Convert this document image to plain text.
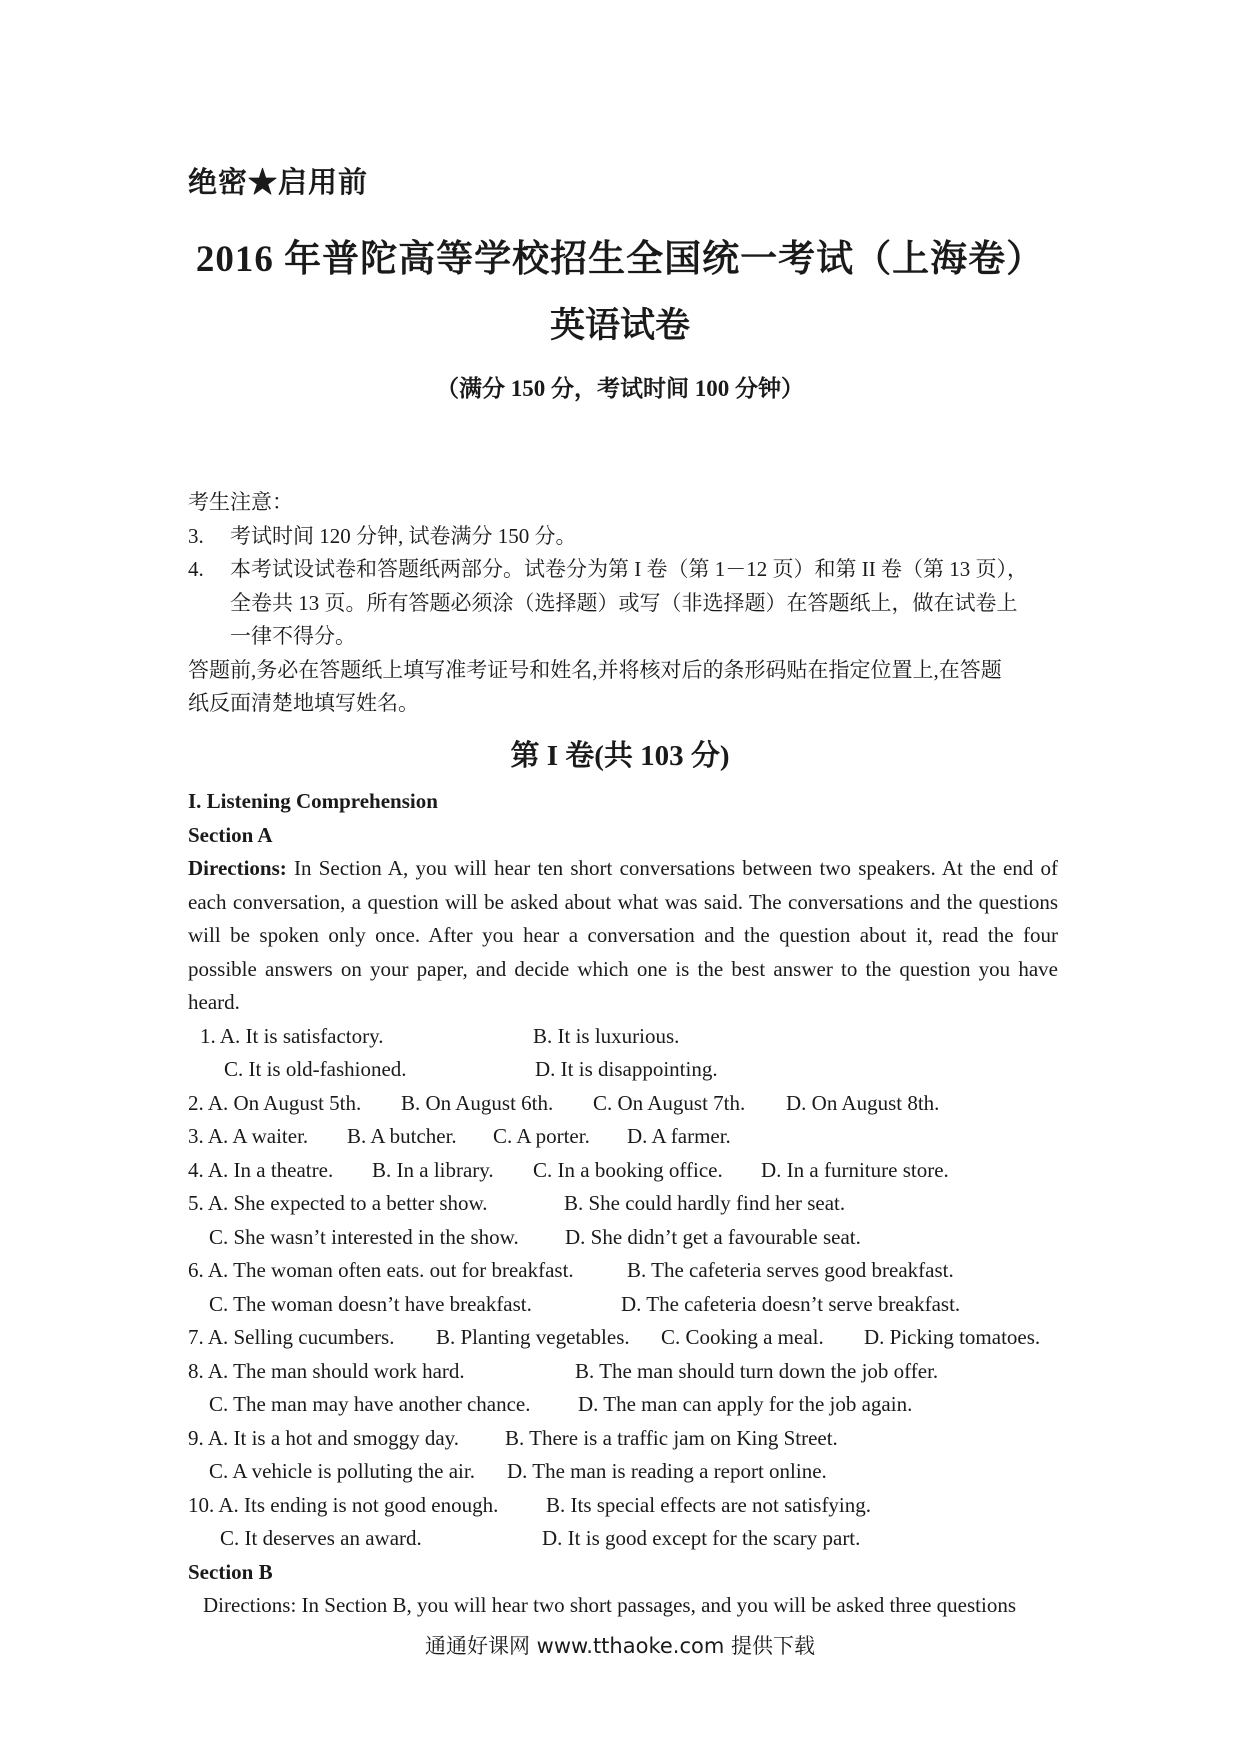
绝密★启用前
2016 年普陀高等学校招生全国统一考试（上海卷）
英语试卷
（满分 150 分，考试时间 100 分钟）
考生注意：
3. 考试时间 120 分钟, 试卷满分 150 分。
4. 本考试设试卷和答题纸两部分。试卷分为第 I 卷（第 1－12 页）和第 II 卷（第 13 页），
全卷共 13 页。所有答题必须涂（选择题）或写（非选择题）在答题纸上，做在试卷上
一律不得分。
答题前,务必在答题纸上填写准考证号和姓名,并将核对后的条形码贴在指定位置上,在答题
纸反面清楚地填写姓名。
第 I 卷(共 103 分)
I. Listening Comprehension
Section A
Directions: In Section A, you will hear ten short conversations between two speakers. At the end of each conversation, a question will be asked about what was said. The conversations and the questions will be spoken only once. After you hear a conversation and the question about it, read the four possible answers on your paper, and decide which one is the best answer to the question you have heard.
1. A. It is satisfactory.	B. It is luxurious.
C. It is old-fashioned.	D. It is disappointing.
2. A. On August 5th. B. On August 6th. C. On August 7th. D. On August 8th.
3. A. A waiter. B. A butcher. C. A porter. D. A farmer.
4. A. In a theatre. B. In a library. C. In a booking office. D. In a furniture store.
5. A. She expected to a better show.	B. She could hardly find her seat.
C. She wasn’t interested in the show. D. She didn’t get a favourable seat.
6. A. The woman often eats. out for breakfast.	B. The cafeteria serves good breakfast.
C. The woman doesn’t have breakfast.	D. The cafeteria doesn’t serve breakfast.
7. A. Selling cucumbers. B. Planting vegetables. C. Cooking a meal. D. Picking tomatoes.
8. A. The man should work hard.	B. The man should turn down the job offer.
C. The man may have another chance. D. The man can apply for the job again.
9. A. It is a hot and smoggy day. B. There is a traffic jam on King Street.
C. A vehicle is polluting the air. D. The man is reading a report online.
10. A. Its ending is not good enough. B. Its special effects are not satisfying.
C. It deserves an award.	D. It is good except for the scary part.
Section B
Directions: In Section B, you will hear two short passages, and you will be asked three questions
通通好课网 www.tthaoke.com 提供下载
